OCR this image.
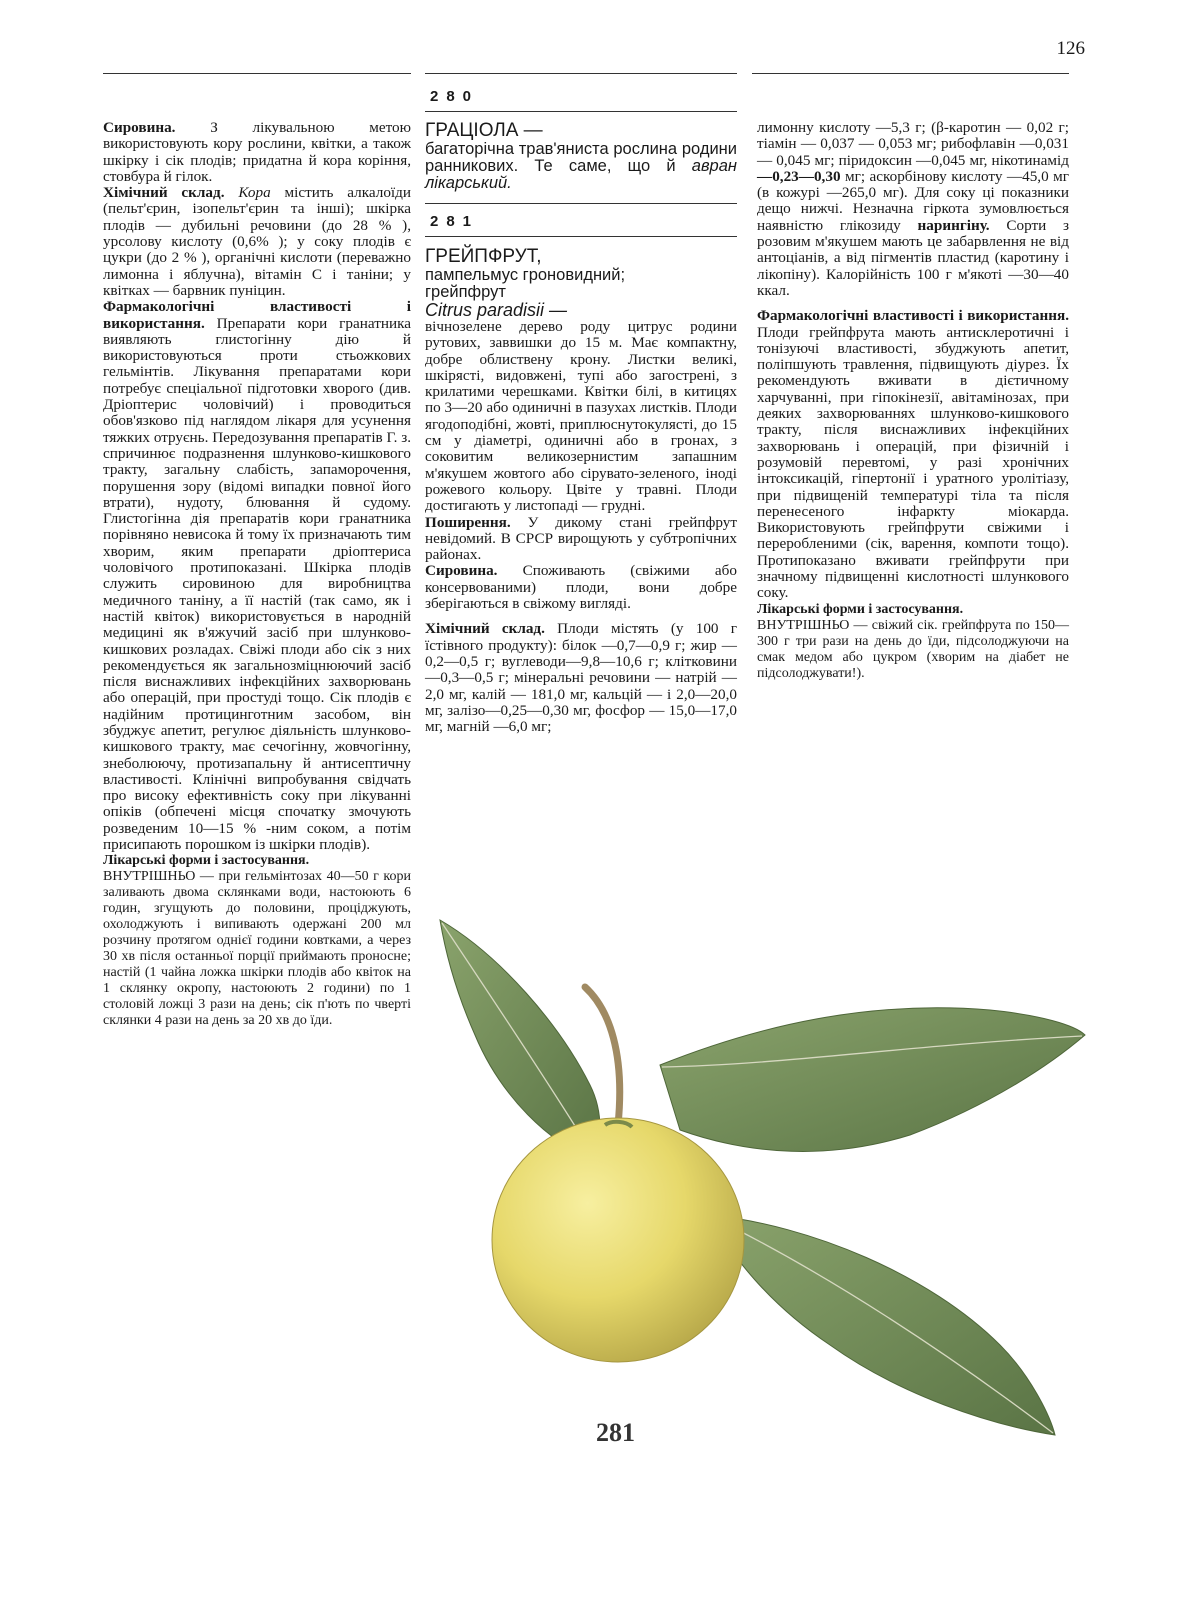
126

Сировина. З лікувальною метою використовують кору рослини, квітки, а також шкірку і сік плодів; придатна й кора коріння, стовбура й гілок.

Хімічний склад. Кора містить алкалоїди (пельт'єрин, ізопельт'єрин та інші); шкірка плодів — дубильні речовини (до 28 % ), урсолову кислоту (0,6% ); у соку плодів є цукри (до 2 % ), органічні кислоти (переважно лимонна і яблучна), вітамін С і таніни; у квітках — барвник пуніцин.

Фармакологічні властивості і використання. Препарати кори гранатника виявляють глистогінну дію й використовуються проти стьожкових гельмінтів. Лікування препаратами кори потребує спеціальної підготовки хворого (див. Дріоптерис чоловічий) і проводиться обов'язково під наглядом лікаря для усунення тяжких отруєнь. Передозування препаратів Г. з. спричинює подразнення шлунково-кишкового тракту, загальну слабість, запаморочення, порушення зору (відомі випадки повної його втрати), нудоту, блювання й судому. Глистогінна дія препаратів кори гранатника порівняно невисока й тому їх призначають тим хворим, яким препарати дріоптериса чоловічого протипоказані. Шкірка плодів служить сировиною для виробництва медичного таніну, а її настій (так само, як і настій квіток) використовується в народній медицині як в'яжучий засіб при шлунково-кишкових розладах. Свіжі плоди або сік з них рекомендується як загальнозміцнюючий засіб після виснажливих інфекційних захворювань або операцій, при простуді тощо. Сік плодів є надійним протицинготним засобом, він збуджує апетит, регулює діяльність шлунково-кишкового тракту, має сечогінну, жовчогінну, знеболюючу, протизапальну й антисептичну властивості. Клінічні випробування свідчать про високу ефективність соку при лікуванні опіків (обпечені місця спочатку змочують розведеним 10—15 % -ним соком, а потім присипають порошком із шкірки плодів).

Лікарські форми і застосування.
ВНУТРІШНЬО — при гельмінтозах 40—50 г кори заливають двома склянками води, настоюють 6 годин, згущують до половини, проціджують, охолоджують і випивають одержані 200 мл розчину протягом однієї години ковтками, а через 30 хв після останньої порції приймають проносне; настій (1 чайна ложка шкірки плодів або квіток на 1 склянку окропу, настоюють 2 години) по 1 столовій ложці 3 рази на день; сік п'ють по чверті склянки 4 рази на день за 20 хв до їди.

280
ГРАЦІОЛА —

багаторічна трав'яниста рослина родини ранникових. Те саме, що й авран лікарський.

281
ГРЕЙПФРУТ,
пампельмус гроновидний;
грейпфрут
Citrus paradisii —

вічнозелене дерево роду цитрус родини рутових, заввишки до 15 м. Має компактну, добре облиствену крону. Листки великі, шкірясті, видовжені, тупі або загострені, з крилатими черешками. Квітки білі, в китицях по 3—20 або одиничні в пазухах листків. Плоди ягодоподібні, жовті, приплюснутокулясті, до 15 см у діаметрі, одиничні або в гронах, з соковитим великозернистим запашним м'якушем жовтого або сірувато-зеленого, іноді рожевого кольору. Цвіте у травні. Плоди достигають у листопаді — грудні.

Поширення. У дикому стані грейпфрут невідомий. В СРСР вирощують у субтропічних районах.

Сировина. Споживають (свіжими або консервованими) плоди, вони добре зберігаються в свіжому вигляді.

Хімічний склад. Плоди містять (у 100 г їстівного продукту): білок —0,7—0,9 г; жир —0,2—0,5 г; вуглеводи—9,8—10,6 г; клітковини —0,3—0,5 г; мінеральні речовини — натрій —2,0 мг, калій — 181,0 мг, кальцій — і 2,0—20,0 мг, залізо—0,25—0,30 мг, фосфор — 15,0—17,0 мг, магній —6,0 мг;

лимонну кислоту —5,3 г; (β-каротин — 0,02 г; тіамін — 0,037 — 0,053 мг; рибофлавін —0,031— 0,045 мг; піридоксин —0,045 мг, нікотинамід —0,23—0,30 мг; аскорбінову кислоту —45,0 мг (в кожурі —265,0 мг). Для соку ці показники дещо нижчі. Незначна гіркота зумовлюється наявністю глікозиду нарингіну. Сорти з розовим м'якушем мають це забарвлення не від антоціанів, а від пігментів пластид (каротину і лікопіну). Калорійність 100 г м'якоті —30—40 ккал.

Фармакологічні властивості і використання. Плоди грейпфрута мають антисклеротичні і тонізуючі властивості, збуджують апетит, поліпшують травлення, підвищують діурез. Їх рекомендують вживати в дієтичному харчуванні, при гіпокінезії, авітамінозах, при деяких захворюваннях шлунково-кишкового тракту, після виснажливих інфекційних захворювань і операцій, при фізичній і розумовій перевтомі, у разі хронічних інтоксикацій, гіпертонії і уратного уролітіазу, при підвищеній температурі тіла та після перенесеного інфаркту міокарда. Використовують грейпфрути свіжими і переробленими (сік, варення, компоти тощо). Протипоказано вживати грейпфрути при значному підвищенні кислотності шлункового соку.

Лікарські форми і застосування.
ВНУТРІШНЬО — свіжий сік. грейпфрута по 150—300 г три рази на день до їди, підсолоджуючи на смак медом або цукром (хворим на діабет не підсолоджувати!).

281
